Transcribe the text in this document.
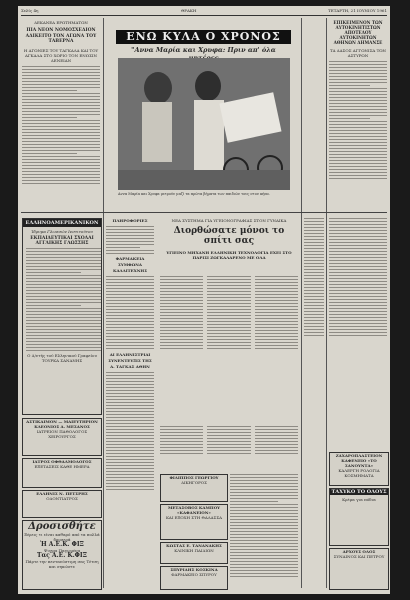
Σελίς 4η	ΘΡΑΚΗ	ΤΕΤΑΡΤΗ, 21 ΙΟΥΝΙΟΥ 1961
ΔΕΚΑΝΕΑ ΕΡΩΤΗΜΑΤΩΝ
ΠΙΑ ΝΕΟΝ ΝΟΜΟΣΧΕΔΙΟΝ ΑΔΙΚΕΙΤΟ ΤΟΝ ΑΓΩΝΑ ΤΟΥ ΤΑΒΕΡΝΑ
Η ΑΓΩΝΙΕΣ ΤΟΥ ΤΑΓΚΑΛΑ ΚΑΙ ΤΟΥ ΑΓΚΑΛΑ ΣΤΟ ΧΩΡΙΟ ΤΟΝ ΕΝΩΣΙΝ ΔΕΝΕΙΑΝ
ΕΝΩ ΚΥΛΑ Ο ΧΡΟΝΟΣ
"Αννα Μαρία και Χρυφα: Πριν απ' όλα
Αννα Μαρία και Χρυφα μετρούν μαζί τα πρώτα βήματα των παιδιών τους στον κήπο.
ΕΠΙΚΕΙΜΕΝΟΝ ΤΩΝ ΑΥΤΟΚΙΝΗΤΙΣΤΩΝ ΑΠΟΤΕΛΟΥ ΑΥΤΟΚΙΝΗΤΩΝ ΑΘΗΝΩΝ ΔΗΜΑΝΣΕ
ΤΑ ΔΑΣΟΣ ΑΓΓΩΝΙΣΑ ΤΩΝ ΑΣΤΥΡΩΝ
ΕΛΛΗΝΟΑΜΕΡΙΚΑΝΙΚΟΝ
Ίδρυμα Γλωσσών Ινστιτούτου
ΕΚΠΑΙΔΕΥΤΙΚΑΙ ΣΧΟΛΑΙ ΑΓΓΛΙΚΗΣ ΓΛΩΣΣΗΣ
Ο Δ/ντής τού Ελληνικού Γραφείου ΤΟΥΡΚΑ ΣΑΝΑΝΗΣ
ΑΣΤΙΚΑΙΜΟΝ — ΜΑΙΕΥΤΗΡΙΟΝ ΚΛΕΟΝΙΟΣ Α. ΜΕΣΑΝΟΣ
ΙΑΤΡΕΙΟΝ ΠΑΘΟΛΟΓΟΣ ΧΕΙΡΟΥΡΓΟΣ
ΙΑΤΡΟΣ ΟΦΘΑΛΜΟΛΟΓΟΣ
ΕΞΕΤΑΣΕΙΣ ΚΑΘΕ ΗΜΕΡΑ
ΕΛΛΗΝΙΣ Ν. ΠΕΤΣΡΗΣ
ΟΔΟΝΤΙΑΤΡΟΣ
Δροσισθήτε
Ξέρεις τι είναι καθαρό από τα πολλά δροσερά
Ἡ Α.Ε.Κ. ΦΙΞ
Ψυχρα Παγωμένα
Τας Α.Ε. Κ.ΦΙΞ
Πάρτε την πεντανόστιμη σας Τέτση και σηκώστε
ΠΛΗΡΟΦΟΡΙΕΣ
ΦΑΡΜΑΚΕΙΑ ΣΥΜΦΩΝΑ ΚΑΛΛΙΤΕΧΝΗΣ
ΑΙ ΕΛΛΗΝΙΣΤΡΙΑΙ ΣΥΝΕΝΤΕΥΞΙΣ ΤΗΣ Α. ΤΑΓΚΑΣ ΑΘΗΝ
ΝΕΑ ΣΥΣΤΗΜΑ ΓΙΑ ΥΓΕΙΟΝΟΓΡΑΦΙΑΣ ΣΤΟΝ ΓΥΝΑΙΚΑ
Διορθώσατε μόνοι το σπίτι σας
ΥΓΙΕΙΝΟ ΜΗΧΑΝΗ ΕΛΛΗΝΙΚΗ ΤΕΧΝΟΛΟΓΙΑ ΕΧΕΙ ΣΤΟ ΠΑΡΙΣΙ ΖΩΓΚΑΛΑΡΕΝΟ ΜΕ ΟΛΑ
ΦΙΛΙΠΠΟΣ ΓΕΩΡΓΙΟΥ
ΔΙΚΗΓΟΡΟΣ
ΜΕΤΑΣΟΒΟΣ ΚΑΜΠΟΥ «ΚΑΦΑΝΕΙΟΝ»
ΚΑΙ ΕΞΟΧΗ ΣΤΗ ΘΑΛΑΣΣΑ
ΚΩΣΤΑΣ Ε. ΤΑΝΑΝΑΚΗΣ
ΚΛΙΝΙΚΗ ΠΑΙΔΙΩΝ
ΣΠΥΡΙΔΗΣ ΚΟΣΚΙΝΑ
ΦΑΡΜΑΚΕΙΟ ΣΠΥΡΟΥ
ΖΑΧΑΡΟΠΛΑΣΤΕΙΟΝ ΚΑΦΕΝΕΙΟ «ΤΟ ΣΑΝΟΥΝΤΑ»
ΚΑΛΕΡΓΗ ΡΟΛΟΓΙΑ ΚΟΣΜΗΜΑΤΑ
ΤΑΧΥΚΟ ΤΟ ΟΛΟΥΣ
Κρέμα για πόδια
ΑΡΧΟΥΣ ΟΛΟΣ
ΣΥΝΑΙΝΟΣ ΚΑΙ ΠΕΤΡΟΥ
